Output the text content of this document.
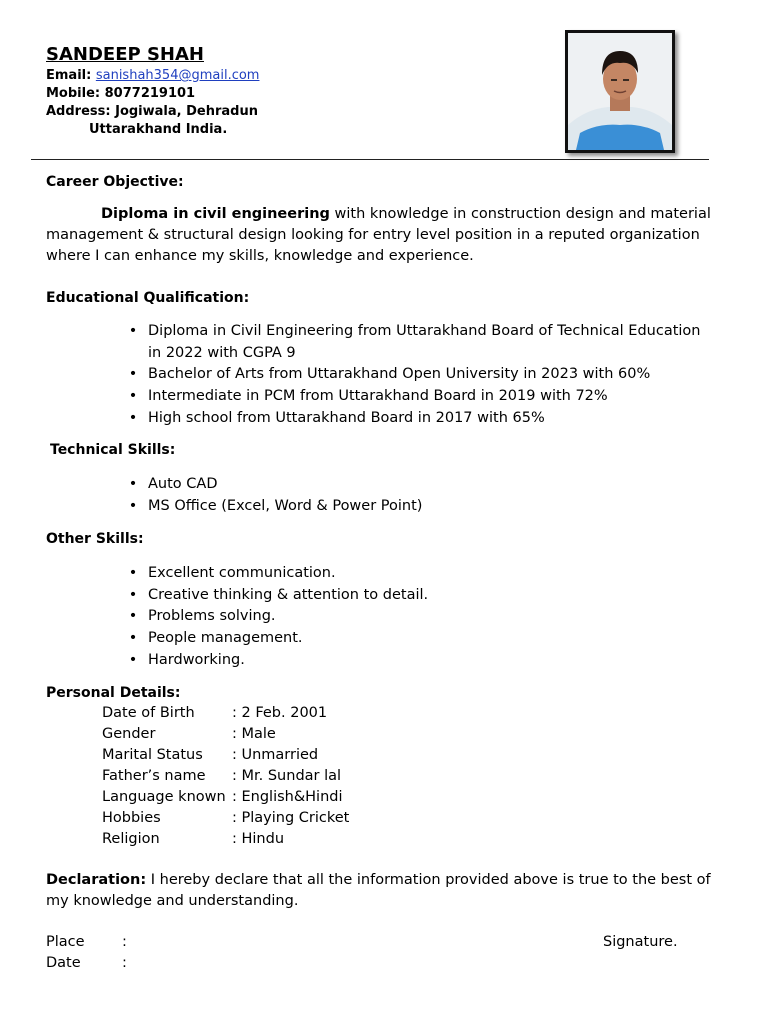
SANDEEP SHAH
Email: sanishah354@gmail.com
Mobile: 8077219101
Address: Jogiwala, Dehradun
Uttarakhand India.
Career Objective:
Diploma in civil engineering with knowledge in construction design and material management & structural design looking for entry level position in a reputed organization where I can enhance my skills, knowledge and experience.
Educational Qualification:
• Diploma in Civil Engineering from Uttarakhand Board of Technical Education in 2022 with CGPA 9
• Bachelor of Arts from Uttarakhand Open University in 2023 with 60%
• Intermediate in PCM from Uttarakhand Board in 2019 with 72%
• High school from Uttarakhand Board in 2017 with 65%
Technical Skills:
• Auto CAD
• MS Office (Excel, Word & Power Point)
Other Skills:
• Excellent communication.
• Creative thinking & attention to detail.
• Problems solving.
• People management.
• Hardworking.
Personal Details:
Date of Birth	: 2 Feb. 2001
Gender	: Male
Marital Status : Unmarried
Father’s name : Mr. Sundar lal
Language known : English&Hindi
Hobbies	: Playing Cricket
Religion	: Hindu
Declaration: I hereby declare that all the information provided above is true to the best of my knowledge and understanding.
Place	:	Signature.
Date	:
